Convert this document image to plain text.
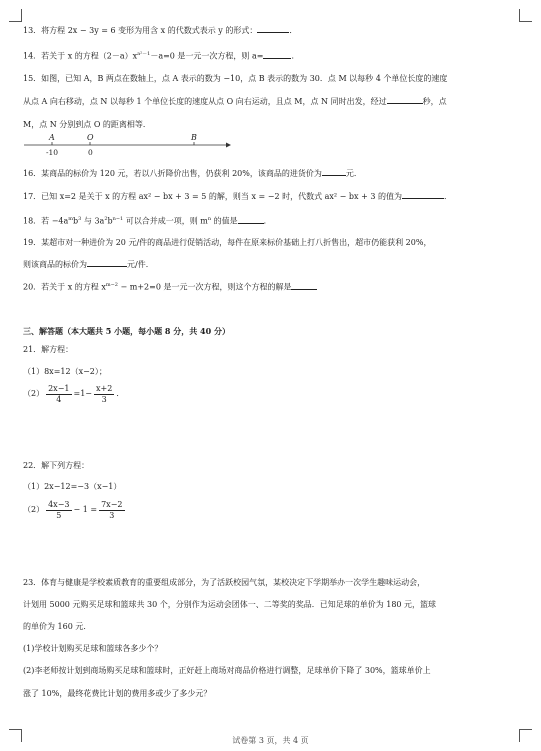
13．将方程 2x − 3y = 6 变形为用含 x 的代数式表示 y 的形式：	．
14．若关于 x 的方程$(2-a)x^{a^2-1}-a=0$ 是一元一次方程，则 a=	．
15．如图，已知 A，B 两点在数轴上，点 A 表示的数为 −10，点 B 表示的数为 30．点 M 以每秒 4 个单位长度的速度
从点 A 向右移动，点 N 以每秒 1 个单位长度的速度从点 O 向右运动，且点 M，点 N 同时出发，经过	秒，点
M，点 N 分别到点 O 的距离相等．
A	O	B
-10	0
16．某商品的标价为 120 元，若以八折降价出售，仍获利 20%，该商品的进货价为	元．
17．已知 x=2 是关于 x 的方程 ax² − bx + 3 = 5 的解，则当 x = −2 时，代数式 ax² − bx + 3 的值为	．
18．若 $-4a^mb^3$ 与 $3a^2b^{n-1}$ 可以合并成一项，则 $m^n$ 的值是	．
19．某超市对一种进价为 20 元/件的商品进行促销活动，每件在原来标价基础上打八折售出，超市仍能获利 20%，
则该商品的标价为	元/件．
20．若关于 x 的方程 $x^{m-2} - m+2=0$ 是一元一次方程，则这个方程的解是
三、解答题（本大题共 5 小题，每小题 8 分，共 40 分）
21．解方程：
（1）8x=12（x−2）；
$(2) \frac{2x-1}{4} =1- \frac{x+2}{3}$ ．
22．解下列方程：
（1）2x−12=−3（x−1）
$(2) \frac{4x-3}{5} - 1 = \frac{7x-2}{3}$
23．体育与健康是学校素质教育的重要组成部分，为了活跃校园气氛，某校决定下学期举办一次学生趣味运动会，
计划用 5000 元购买足球和篮球共 30 个，分别作为运动会团体一、二等奖的奖品．已知足球的单价为 180 元，篮球
的单价为 160 元．
(1)学校计划购买足球和篮球各多少个？
(2)李老师按计划到商场购买足球和篮球时，正好赶上商场对商品价格进行调整，足球单价下降了 30%，篮球单价上
涨了 10%，最终花费比计划的费用多或少了多少元？
试卷第 3 页，共 4 页
